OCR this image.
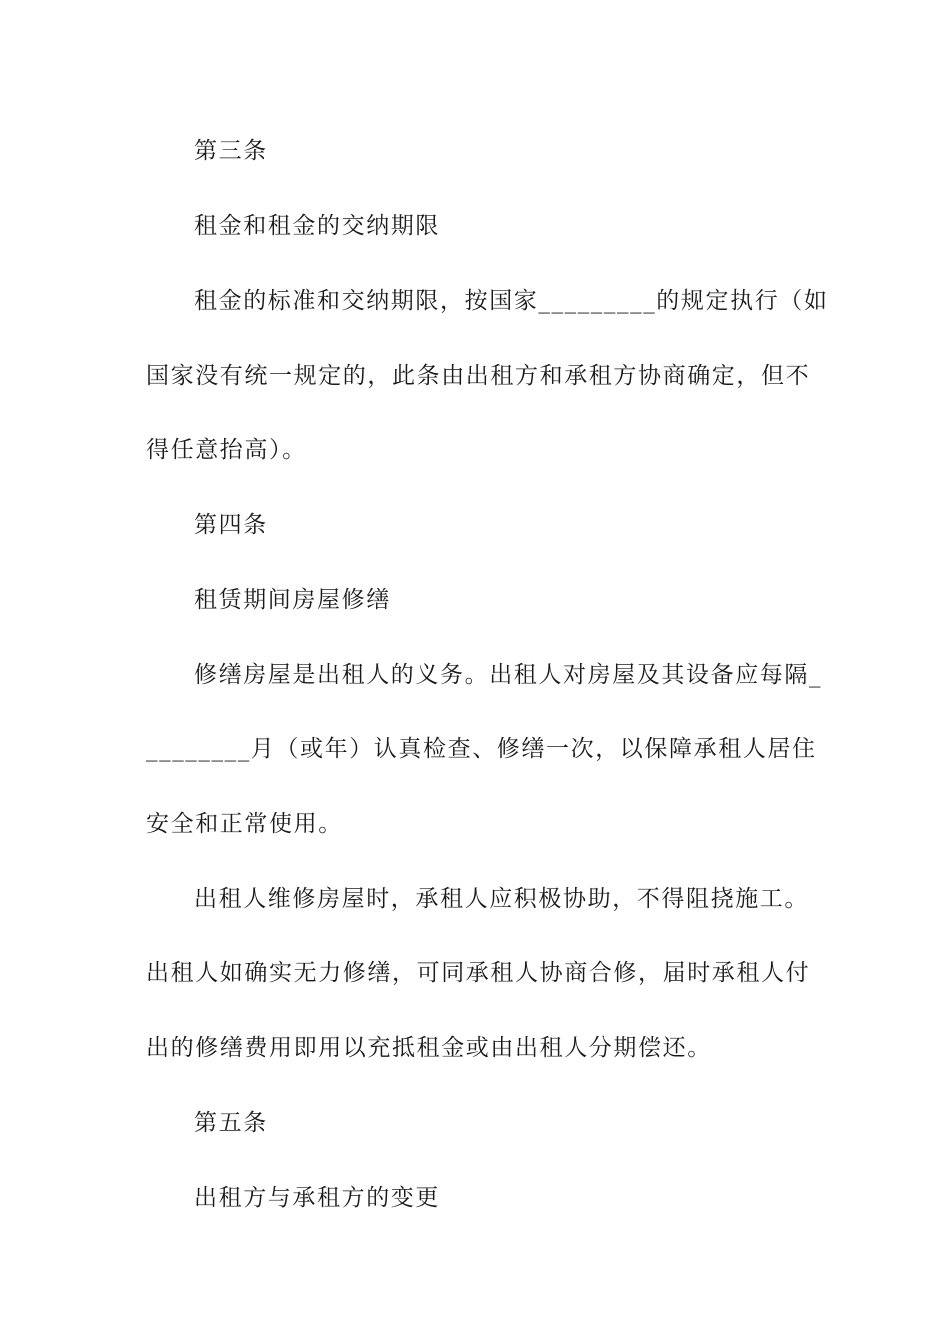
第三条
租金和租金的交纳期限
租金的标准和交纳期限，按国家_________的规定执行（如
国家没有统一规定的，此条由出租方和承租方协商确定，但不
得任意抬高）。
第四条
租赁期间房屋修缮
修缮房屋是出租人的义务。出租人对房屋及其设备应每隔_
________月（或年）认真检查、修缮一次，以保障承租人居住
安全和正常使用。
出租人维修房屋时，承租人应积极协助，不得阻挠施工。
出租人如确实无力修缮，可同承租人协商合修，届时承租人付
出的修缮费用即用以充抵租金或由出租人分期偿还。
第五条
出租方与承租方的变更
